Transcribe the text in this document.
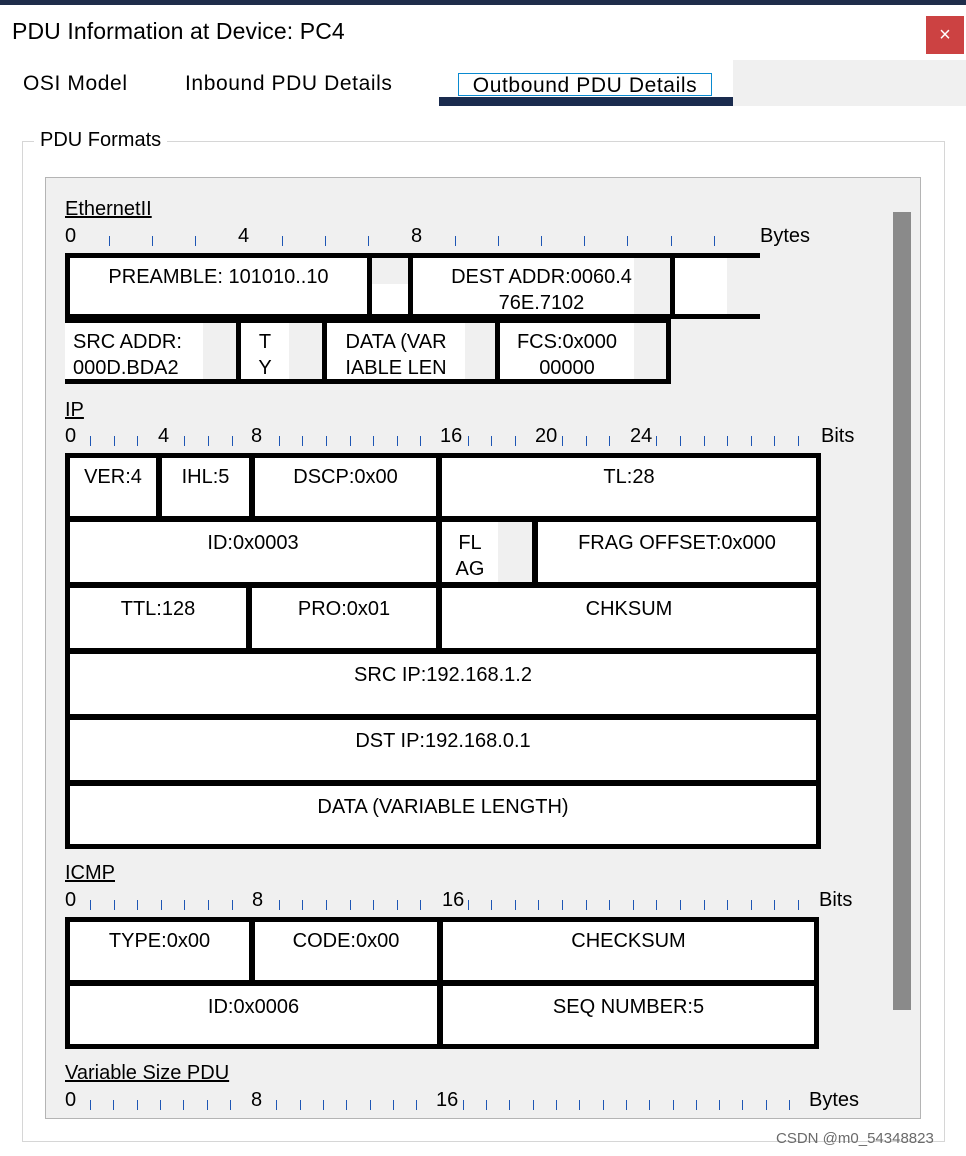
PDU Information at Device: PC4	×
OSI Model	Inbound PDU Details	Outbound PDU Details
PDU Formats
EthernetII
0	4	8	Bytes
PREAMBLE: 101010..10	DEST ADDR:0060.4
76E.7102
SRC ADDR:
000D.BDA2
T
Y
DATA (VAR
IABLE LEN
FCS:0x000
00000
IP
0	4	8	16	20	24	Bits
VER:4	IHL:5	DSCP:0x00	TL:28
ID:0x0003	FL
AG
FRAG OFFSET:0x000
TTL:128	PRO:0x01	CHKSUM
SRC IP:192.168.1.2
DST IP:192.168.0.1
DATA (VARIABLE LENGTH)
ICMP
0	8	16	Bits
TYPE:0x00	CODE:0x00	CHECKSUM
ID:0x0006	SEQ NUMBER:5
Variable Size PDU
0	8	16	Bytes
CSDN @m0_54348823
